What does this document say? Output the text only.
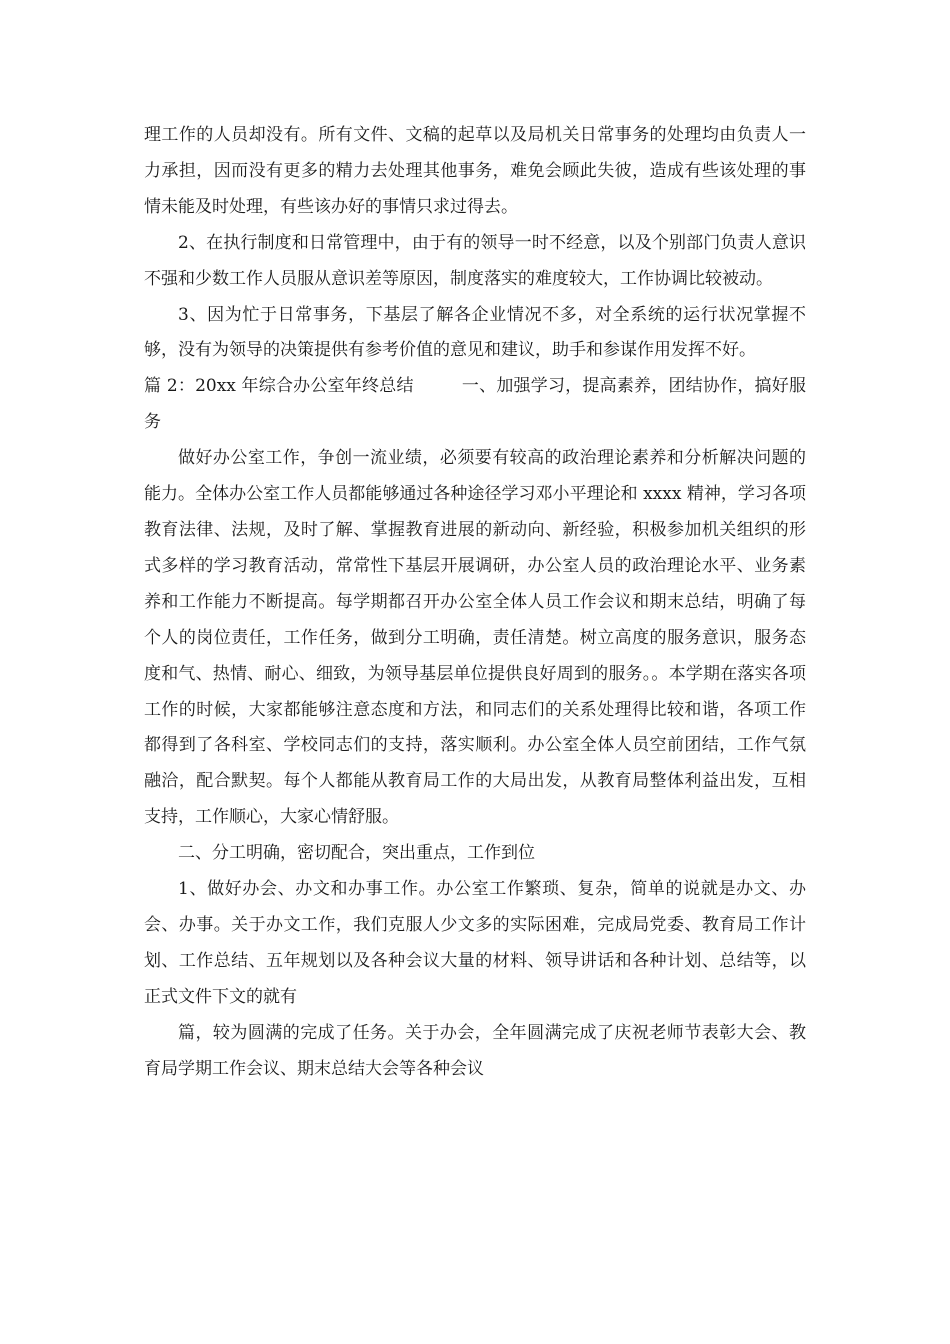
理工作的人员却没有。所有文件、文稿的起草以及局机关日常事务的处理均由负责人一力承担，因而没有更多的精力去处理其他事务，难免会顾此失彼，造成有些该处理的事情未能及时处理，有些该办好的事情只求过得去。

2、在执行制度和日常管理中，由于有的领导一时不经意，以及个别部门负责人意识不强和少数工作人员服从意识差等原因，制度落实的难度较大，工作协调比较被动。

3、因为忙于日常事务，下基层了解各企业情况不多，对全系统的运行状况掌握不够，没有为领导的决策提供有参考价值的意见和建议，助手和参谋作用发挥不好。

篇 2：20xx 年综合办公室年终总结	一、加强学习，提高素养，团结协作，搞好服务

做好办公室工作，争创一流业绩，必须要有较高的政治理论素养和分析解决问题的能力。全体办公室工作人员都能够通过各种途径学习邓小平理论和 xxxx 精神，学习各项教育法律、法规，及时了解、掌握教育进展的新动向、新经验，积极参加机关组织的形式多样的学习教育活动，常常性下基层开展调研，办公室人员的政治理论水平、业务素养和工作能力不断提高。每学期都召开办公室全体人员工作会议和期末总结，明确了每个人的岗位责任，工作任务，做到分工明确，责任清楚。树立高度的服务意识，服务态度和气、热情、耐心、细致，为领导基层单位提供良好周到的服务。。本学期在落实各项工作的时候，大家都能够注意态度和方法，和同志们的关系处理得比较和谐，各项工作都得到了各科室、学校同志们的支持，落实顺利。办公室全体人员空前团结，工作气氛融洽，配合默契。每个人都能从教育局工作的大局出发，从教育局整体利益出发，互相支持，工作顺心，大家心情舒服。

二、分工明确，密切配合，突出重点，工作到位

1、做好办会、办文和办事工作。办公室工作繁琐、复杂，简单的说就是办文、办会、办事。关于办文工作，我们克服人少文多的实际困难，完成局党委、教育局工作计划、工作总结、五年规划以及各种会议大量的材料、领导讲话和各种计划、总结等，以正式文件下文的就有

篇，较为圆满的完成了任务。关于办会，全年圆满完成了庆祝老师节表彰大会、教育局学期工作会议、期末总结大会等各种会议
